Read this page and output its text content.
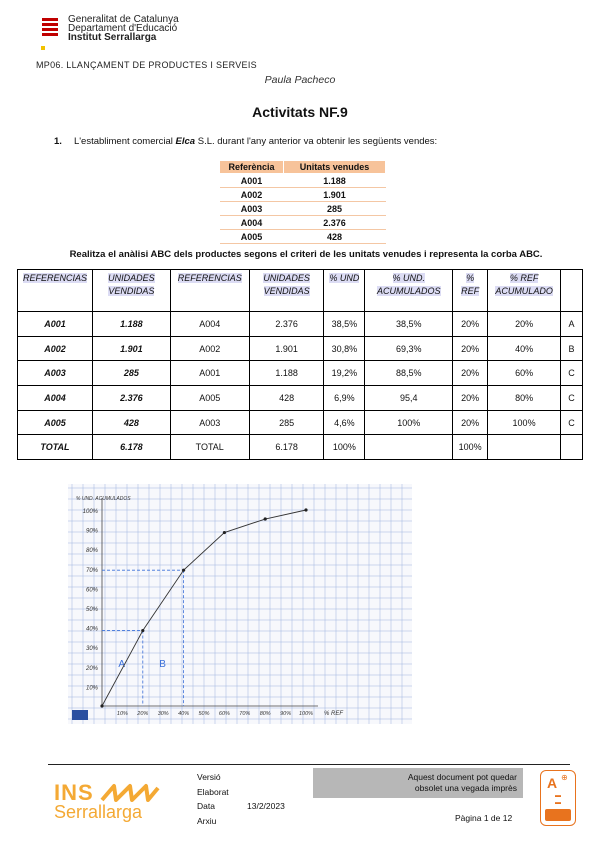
Generalitat de Catalunya
Departament d'Educació
Institut Serrallarga
MP06. LLANÇAMENT DE PRODUCTES I SERVEIS
Paula Pacheco
Activitats NF.9
1. L'establiment comercial Elca S.L. durant l'any anterior va obtenir les següents vendes:
Referència	Unitats venudes
A001	1.188
A002	1.901
A003	285
A004	2.376
A005	428
Realitza el anàlisi ABC dels productes segons el criteri de les unitats venudes i representa la corba ABC.
REFERENCIAS	UNIDADES VENDIDAS	REFERENCIAS	UNIDADES VENDIDAS	% UND	% UND. ACUMULADOS	% REF	% REF ACUMULADO	
A001	1.188	A004	2.376	38,5%	38,5%	20%	20%	A
A002	1.901	A002	1.901	30,8%	69,3%	20%	40%	B
A003	285	A001	1.188	19,2%	88,5%	20%	60%	C
A004	2.376	A005	428	6,9%	95,4	20%	80%	C
A005	428	A003	285	4,6%	100%	20%	100%	C
TOTAL	6.178	TOTAL	6.178	100%		100%		
10%
20%
30%
40%
50%
60%
70%
80%
90%
100%
10% 20% 30% 40% 50% 60% 70% 80% 90% 100%
A	B
% REF
% UND. ACUMULADOS
INS
Serrallarga
Versió
Elaborat
Data	13/2/2023
Arxiu
Aquest document pot quedar
obsolet una vegada imprès
Pàgina 1 de 12
A ⊕
▬
▬
